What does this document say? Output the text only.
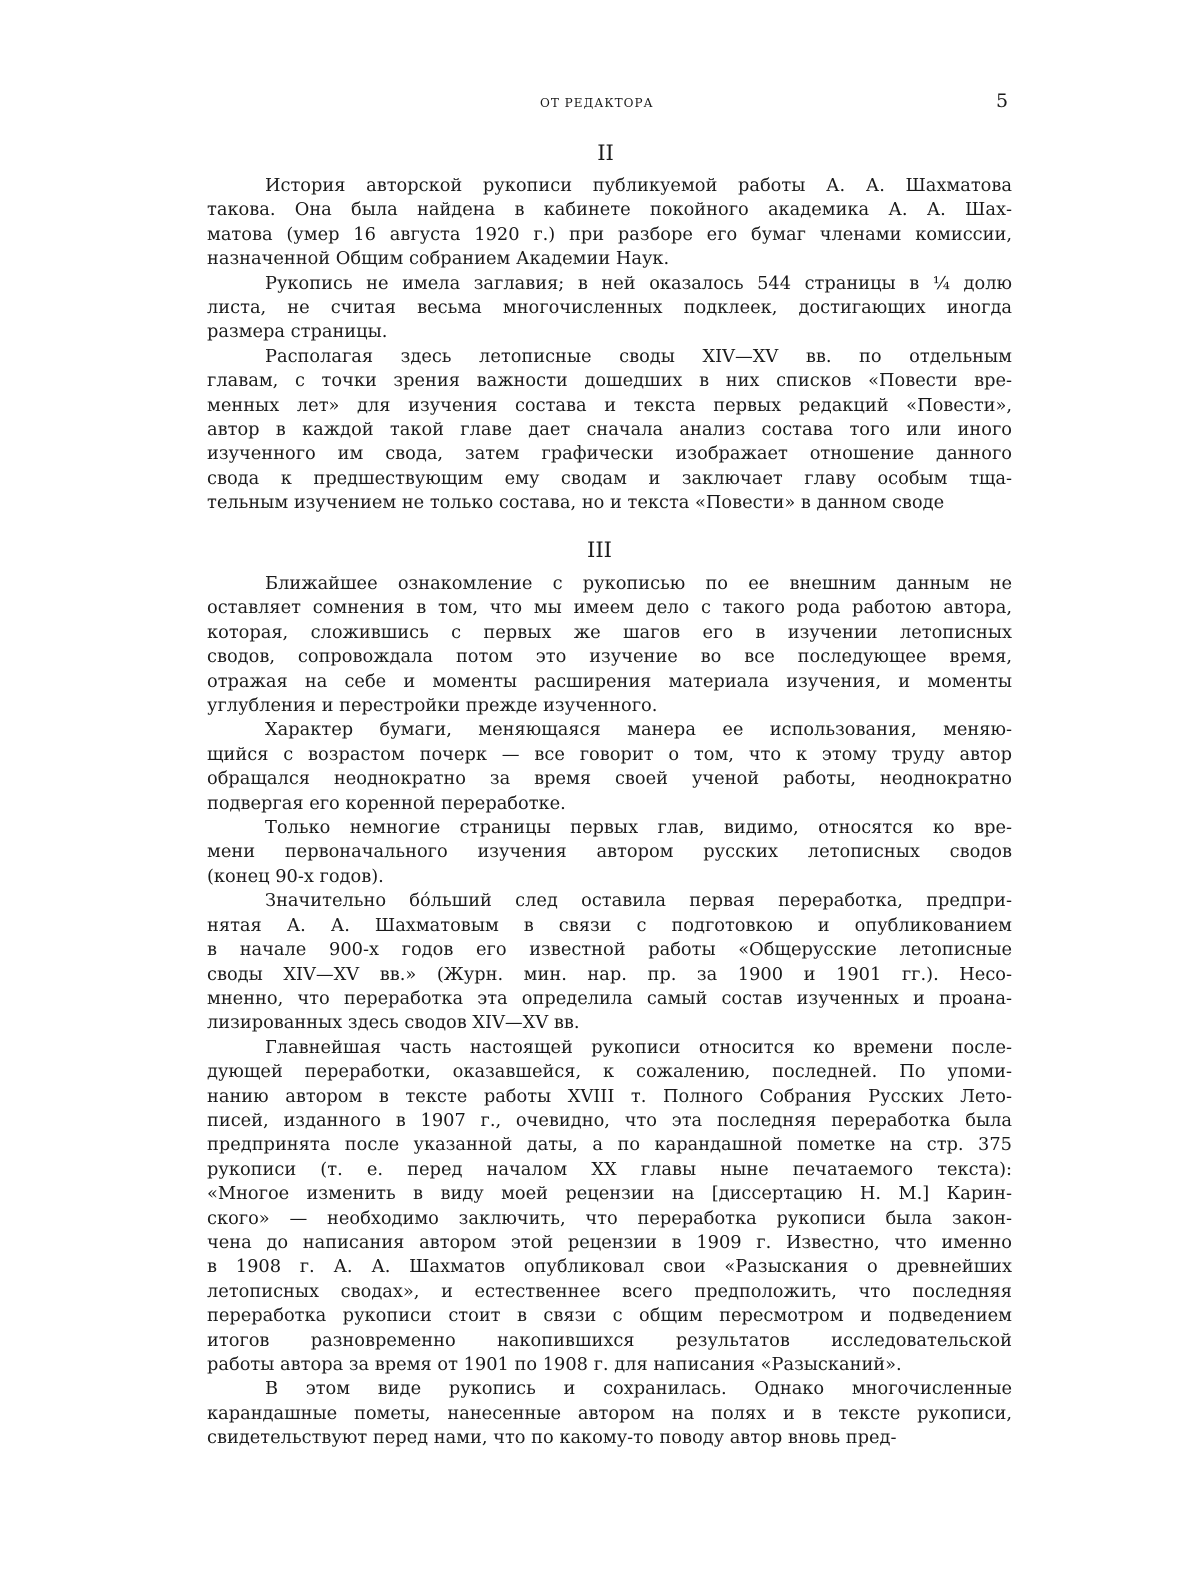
ОТ РЕДАКТОРА	5
II

История авторской рукописи публикуемой работы А. А. Шахматова
такова. Она была найдена в кабинете покойного академика А. А. Шах-
матова (умер 16 августа 1920 г.) при разборе его бумаг членами комиссии,
назначенной Общим собранием Академии Наук.

Рукопись не имела заглавия; в ней оказалось 544 страницы в ¼ долю
листа, не считая весьма многочисленных подклеек, достигающих иногда
размера страницы.

Располагая здесь летописные своды XIV—XV вв. по отдельным
главам, с точки зрения важности дошедших в них списков «Повести вре-
менных лет» для изучения состава и текста первых редакций «Повести»,
автор в каждой такой главе дает сначала анализ состава того или иного
изученного им свода, затем графически изображает отношение данного
свода к предшествующим ему сводам и заключает главу особым тща-
тельным изучением не только состава, но и текста «Повести» в данном своде

III

Ближайшее ознакомление с рукописью по ее внешним данным не
оставляет сомнения в том, что мы имеем дело с такого рода работою автора,
которая, сложившись с первых же шагов его в изучении летописных
сводов, сопровождала потом это изучение во все последующее время,
отражая на себе и моменты расширения материала изучения, и моменты
углубления и перестройки прежде изученного.

Характер бумаги, меняющаяся манера ее использования, меняю-
щийся с возрастом почерк — все говорит о том, что к этому труду автор
обращался неоднократно за время своей ученой работы, неоднократно
подвергая его коренной переработке.

Только немногие страницы первых глав, видимо, относятся ко вре-
мени первоначального изучения автором русских летописных сводов
(конец 90-х годов).

Значительно бо́льший след оставила первая переработка, предпри-
нятая А. А. Шахматовым в связи с подготовкою и опубликованием
в начале 900-х годов его известной работы «Общерусские летописные
своды XIV—XV вв.» (Журн. мин. нар. пр. за 1900 и 1901 гг.). Несо-
мненно, что переработка эта определила самый состав изученных и проана-
лизированных здесь сводов XIV—XV вв.

Главнейшая часть настоящей рукописи относится ко времени после-
дующей переработки, оказавшейся, к сожалению, последней. По упоми-
нанию автором в тексте работы XVIII т. Полного Собрания Русских Лето-
писей, изданного в 1907 г., очевидно, что эта последняя переработка была
предпринята после указанной даты, а по карандашной пометке на стр. 375
рукописи (т. е. перед началом XX главы ныне печатаемого текста):
«Многое изменить в виду моей рецензии на [диссертацию Н. М.] Карин-
ского» — необходимо заключить, что переработка рукописи была закон-
чена до написания автором этой рецензии в 1909 г. Известно, что именно
в 1908 г. А. А. Шахматов опубликовал свои «Разыскания о древнейших
летописных сводах», и естественнее всего предположить, что последняя
переработка рукописи стоит в связи с общим пересмотром и подведением
итогов разновременно накопившихся результатов исследовательской
работы автора за время от 1901 по 1908 г. для написания «Разысканий».

В этом виде рукопись и сохранилась. Однако многочисленные
карандашные пометы, нанесенные автором на полях и в тексте рукописи,
свидетельствуют перед нами, что по какому-то поводу автор вновь пред-
